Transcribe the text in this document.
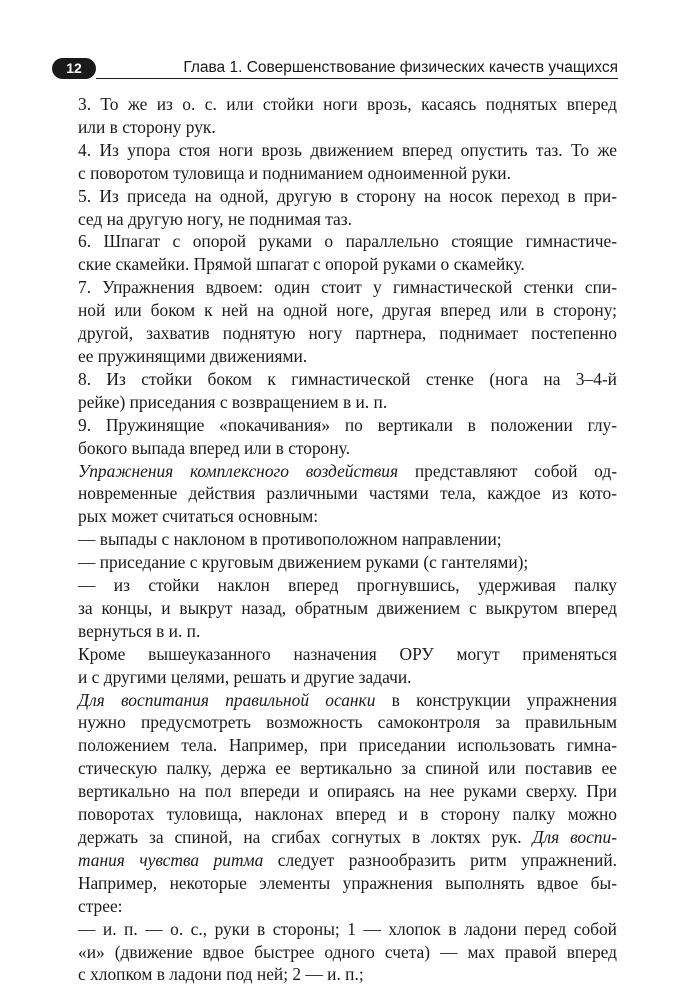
12	Глава 1. Совершенствование физических качеств учащихся

3. То же из о. с. или стойки ноги врозь, касаясь поднятых вперед
или в сторону рук.

4. Из упора стоя ноги врозь движением вперед опустить таз. То же
с поворотом туловища и подниманием одноименной руки.

5. Из приседа на одной, другую в сторону на носок переход в при-
сед на другую ногу, не поднимая таз.

6. Шпагат с опорой руками о параллельно стоящие гимнастиче-
ские скамейки. Прямой шпагат с опорой руками о скамейку.

7. Упражнения вдвоем: один стоит у гимнастической стенки спи-
ной или боком к ней на одной ноге, другая вперед или в сторону;
другой, захватив поднятую ногу партнера, поднимает постепенно
ее пружинящими движениями.

8. Из стойки боком к гимнастической стенке (нога на 3–4-й
рейке) приседания с возвращением в и. п.

9. Пружинящие «покачивания» по вертикали в положении глу-
бокого выпада вперед или в сторону.

Упражнения комплексного воздействия представляют собой од-
новременные действия различными частями тела, каждое из кото-
рых может считаться основным:

— выпады с наклоном в противоположном направлении;

— приседание с круговым движением руками (с гантелями);

— из стойки наклон вперед прогнувшись, удерживая палку
за концы, и выкрут назад, обратным движением с выкрутом вперед
вернуться в и. п.

Кроме вышеуказанного назначения ОРУ могут применяться
и с другими целями, решать и другие задачи.

Для воспитания правильной осанки в конструкции упражнения
нужно предусмотреть возможность самоконтроля за правильным
положением тела. Например, при приседании использовать гимна-
стическую палку, держа ее вертикально за спиной или поставив ее
вертикально на пол впереди и опираясь на нее руками сверху. При
поворотах туловища, наклонах вперед и в сторону палку можно
держать за спиной, на сгибах согнутых в локтях рук. Для воспи-
тания чувства ритма следует разнообразить ритм упражнений.
Например, некоторые элементы упражнения выполнять вдвое бы-
стрее:

— и. п. — о. с., руки в стороны; 1 — хлопок в ладони перед собой
«и» (движение вдвое быстрее одного счета) — мах правой вперед
с хлопком в ладони под ней; 2 — и. п.;
